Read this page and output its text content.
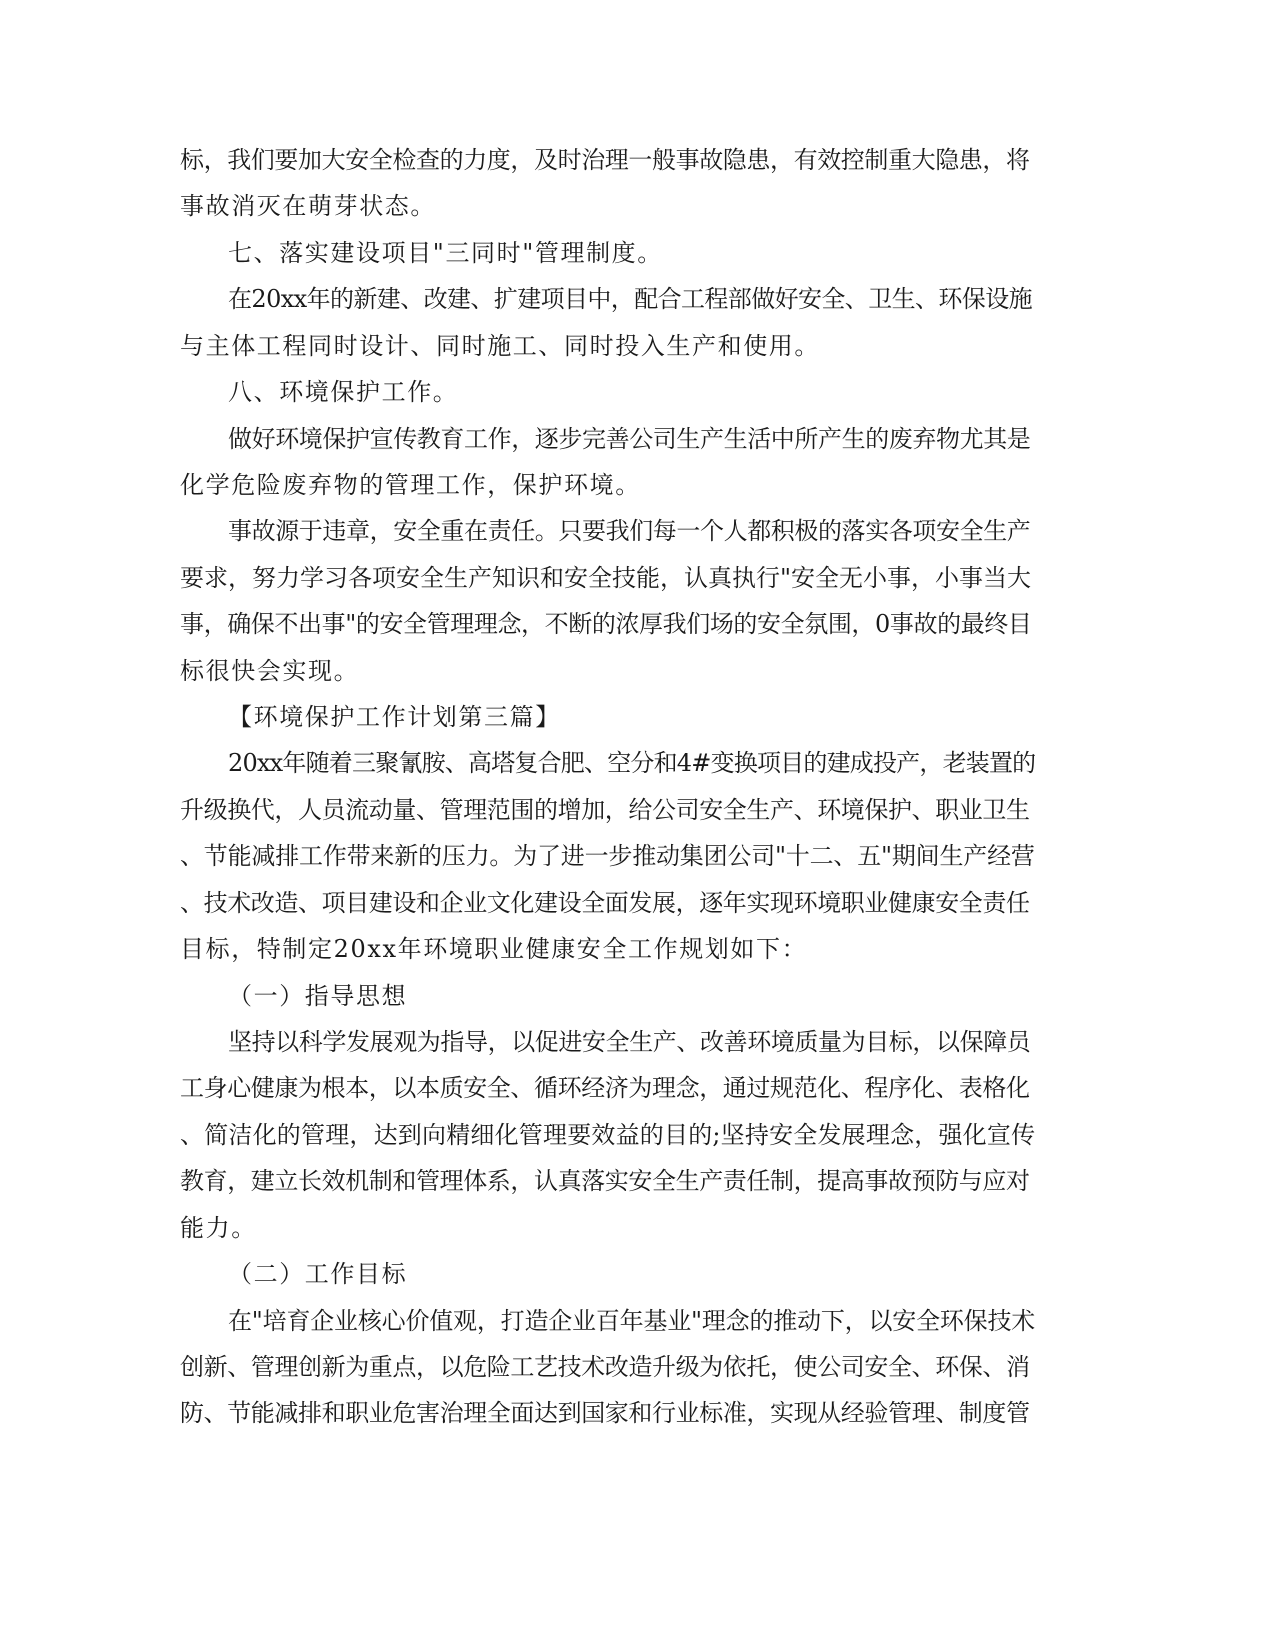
标，我们要加大安全检查的力度，及时治理一般事故隐患，有效控制重大隐患，将
事故消灭在萌芽状态。
七、落实建设项目"三同时"管理制度。
在20xx年的新建、改建、扩建项目中，配合工程部做好安全、卫生、环保设施
与主体工程同时设计、同时施工、同时投入生产和使用。
八、环境保护工作。
做好环境保护宣传教育工作，逐步完善公司生产生活中所产生的废弃物尤其是
化学危险废弃物的管理工作，保护环境。
事故源于违章，安全重在责任。只要我们每一个人都积极的落实各项安全生产
要求，努力学习各项安全生产知识和安全技能，认真执行"安全无小事，小事当大
事，确保不出事"的安全管理理念，不断的浓厚我们场的安全氛围，0事故的最终目
标很快会实现。
【环境保护工作计划第三篇】
20xx年随着三聚氰胺、高塔复合肥、空分和4#变换项目的建成投产，老装置的
升级换代，人员流动量、管理范围的增加，给公司安全生产、环境保护、职业卫生
、节能减排工作带来新的压力。为了进一步推动集团公司"十二、五"期间生产经营
、技术改造、项目建设和企业文化建设全面发展，逐年实现环境职业健康安全责任
目标，特制定20xx年环境职业健康安全工作规划如下：
（一）指导思想
坚持以科学发展观为指导，以促进安全生产、改善环境质量为目标，以保障员
工身心健康为根本，以本质安全、循环经济为理念，通过规范化、程序化、表格化
、简洁化的管理，达到向精细化管理要效益的目的;坚持安全发展理念，强化宣传
教育，建立长效机制和管理体系，认真落实安全生产责任制，提高事故预防与应对
能力。
（二）工作目标
在"培育企业核心价值观，打造企业百年基业"理念的推动下，以安全环保技术
创新、管理创新为重点，以危险工艺技术改造升级为依托，使公司安全、环保、消
防、节能减排和职业危害治理全面达到国家和行业标准，实现从经验管理、制度管
